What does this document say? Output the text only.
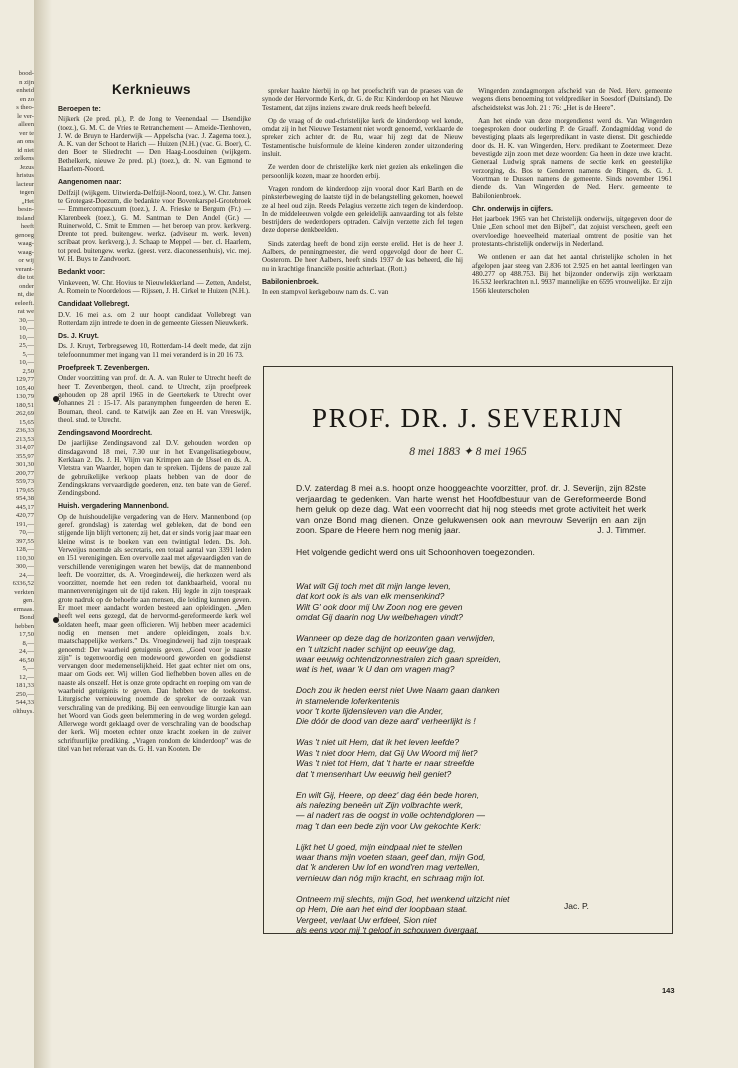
bood-
n zijn
enheid
en zo
s theo-
le ver-
alleen
ver te
an ons
id niet
zelkens
Jezus
hristus
lacteur
tegen
„Het
besin-
itsland
heeft
genoeg
waag-
waag-
or wij
verant-
die tot
onder
nt, die
eeleeft.
rat we
30,—
10,—
10,—
25,—
5,—
10,—
2,50
129,77
105,40
130,79
180,51
262,69
15,65
236,33
213,53
314,07
355,97
301,30
200,77
559,73
179,65
954,38
445,17
420,77
191,—
70,—
397,55
128,—
110,30
300,—
24,—
6336,52
verkten
gen.
ermaas.
Bond
hebben
17,50
8,—
24,—
46,50
5,—
12,—
181,33
250,—
544,33
olthuys.
Kerknieuws
Beroepen te:

Nijkerk (2e pred. pl.), P. de Jong te Veenendaal — IJsendijke (toez.), G. M. C. de Vries te Retranchement — Ameide-Tienhoven, J. W. de Bruyn te Harderwijk — Appelscha (vac. J. Zagema toez.), A. K. van der Schoot te Harich — Huizen (N.H.) (vac. G. Boer), C. den Boer te Sliedrecht — Den Haag-Loosduinen (wijkgem. Bethelkerk, nieuwe 2e pred. pl.) (toez.), dr. N. van Egmond te Haarlem-Noord.

Aangenomen naar:

Delfzijl (wijkgem. Uitwierda-Delfzijl-Noord, toez.), W. Chr. Jansen te Grotegast-Doezum, die bedankte voor Bovenkarspel-Grotebroek — Emmercompascuum (toez.), J. A. Frieske te Bergum (Fr.) — Klarenbeek (toez.), G. M. Santman te Den Andel (Gr.) — Ruinerwold, C. Smit te Emmen — het beroep van prov. kerkverg. Drente tot pred. buitengew. werkz. (adviseur m. werk. leven) scribaat prov. kerkverg.), J. Schaap te Meppel — ber. cl. Haarlem, tot pred. buitengew. werkz. (geest. verz. diaconessenhuis), vic. mej. W. H. Buys te Zandvoort.

Bedankt voor:

Vinkeveen, W. Chr. Hovius te Nieuwlekkerland — Zetten, Andelst, A. Romein te Noordeloos — Rijssen, J. H. Cirkel te Huizen (N.H.).

Candidaat Vollebregt.

D.V. 16 mei a.s. om 2 uur hoopt candidaat Vollebregt van Rotterdam zijn intrede te doen in de gemeente Giessen Nieuwkerk.

Ds. J. Kruyt.

Ds. J. Kruyt, Terbregseweg 10, Rotterdam-14 deelt mede, dat zijn telefoonnummer met ingang van 11 mei veranderd is in 20 16 73.

Proefpreek T. Zevenbergen.

Onder voorzitting van prof. dr. A. A. van Ruler te Utrecht heeft de heer T. Zevenbergen, theol. cand. te Utrecht, zijn proefpreek gehouden op 28 april 1965 in de Geertekerk te Utrecht over Johannes 21 : 15-17. Als paranymphen fungeerden de heren E. Bouman, theol. cand. te Katwijk aan Zee en H. van Vreeswijk, theol. stud. te Utrecht.

Zendingsavond Moordrecht.

De jaarlijkse Zendingsavond zal D.V. gehouden worden op dinsdagavond 18 mei, 7.30 uur in het Evangelisatiegebouw, Kerklaan 2. Ds. J. H. Vlijm van Krimpen aan de IJssel en ds. A. Vletstra van Waarder, hopen dan te spreken. Tijdens de pauze zal de gebruikelijke verkoop plaats hebben van de door de Zendingskrans vervaardigde goederen, enz. ten bate van de Geref. Zendingsbond.

Huish. vergadering Mannenbond.

Op de huishoudelijke vergadering van de Herv. Mannenbond (op geref. grondslag) is zaterdag wel gebleken, dat de bond een stijgende lijn blijft vertonen; zij het, dat er sinds vorig jaar maar een kleine winst is te boeken van een twintigtal leden. Ds. Joh. Verweijus noemde als secretaris, een totaal aantal van 3391 leden en 151 verenigingen. Een overvolle zaal met afgevaardigden van de verschillende verenigingen waren het bewijs, dat de mannenbond leeft. De voorzitter, ds. A. Vroegindeweij, die herkozen werd als voorzitter, noemde het een reden tot dankbaarheid, vooral nu mannenverenigingen uit de tijd raken. Hij legde in zijn toespraak grote nadruk op de behoefte aan mensen, die leiding kunnen geven. Er moet meer aandacht worden besteed aan opleidingen. „Men heeft wel eens gezegd, dat de hervormd-gereformeerde kerk wel soldaten heeft, maar geen officieren. Wij hebben meer academici nodig en mensen met andere opleidingen, zoals b.v. maatschappelijke werkers.” Ds. Vroegindeweij had zijn toespraak genoemd: Der waarheid getuigenis geven. „Goed voor je naaste zijn” is tegenwoordig een modewoord geworden en godsdienst vervangen door medemenselijkheid. Het gaat echter niet om ons, maar om Gods eer. Wij willen God liefhebben boven alles en de naaste als onszelf. Het is onze grote opdracht en roeping om van de waarheid getuigenis te geven. Dan hebben we de toekomst. Liturgische vernieuwing noemde de spreker de oorzaak van verschraling van de prediking. Bij een eenvoudige liturgie kan aan het Woord van Gods geen belemmering in de weg worden gelegd. Allerwege wordt geklaagd over de verschraling van de boodschap der kerk. Wij moeten echter onze kracht zoeken in de zuiver schriftuurlijke prediking. „Vragen rondom de kinderdoop” was de titel van het referaat van ds. G. H. van Kooten. De

spreker haakte hierbij in op het proefschrift van de praeses van de synode der Hervormde Kerk, dr. G. de Ru: Kinderdoop en het Nieuwe Testament, dat zijns inziens zware druk reeds heeft beleefd.

Op de vraag of de oud-christelijke kerk de kinderdoop wel kende, omdat zij in het Nieuwe Testament niet wordt genoemd, verklaarde de spreker zich achter dr. de Ru, waar hij zegt dat de Nieuw Testamentische huisformule de kleine kinderen zonder uitzondering insluit.

Ze werden door de christelijke kerk niet gezien als enkelingen die persoonlijk kozen, maar ze hoorden erbij.

Vragen rondom de kinderdoop zijn vooral door Karl Barth en de pinksterbeweging de laatste tijd in de belangstelling gekomen, hoewel ze al heel oud zijn. Reeds Pelagius verzette zich tegen de kinderdoop. In de middeleeuwen volgde een geleidelijk aanvaarding tot als felste bestrijders de wederdopers optraden. Calvijn verzette zich fel tegen deze doperse denkbeelden.

Sinds zaterdag heeft de bond zijn eerste erelid. Het is de heer J. Aalbers, de penningmeester, die werd opgevolgd door de heer C. Oosterom. De heer Aalbers, heeft sinds 1937 de kas beheerd, die hij nu in krachtige financiële positie achterlaat. (Rott.)

Babilonienbroek.

In een stampvol kerkgebouw nam ds. C. van

Wingerden zondagmorgen afscheid van de Ned. Herv. gemeente wegens diens benoeming tot veldprediker in Soesdorf (Duitsland). De afscheidstekst was Joh. 21 : 76: „Het is de Heere”.

Aan het einde van deze morgendienst werd ds. Van Wingerden toegesproken door ouderling P. de Graaff. Zondagmiddag vond de bevestiging plaats als legerpredikant in vaste dienst. Dit geschiedde door ds. H. K. van Wingerden, Herv. predikant te Zoetermeer. Deze bevestigde zijn zoon met deze woorden: Ga heen in deze uwe kracht. Generaal Ludwig sprak namens de sectie kerk en geestelijke verzorging, ds. Bos te Genderen namens de Ringen, ds. G. J. Voortman te Dussen namens de gemeente. Sinds november 1961 diende ds. Van Wingerden de Ned. Herv. gemeente te Babilonienbroek.

Chr. onderwijs in cijfers.

Het jaarboek 1965 van het Christelijk onderwijs, uitgegeven door de Unie „Een school met den Bijbel”, dat zojuist verscheen, geeft een overvloedige hoeveelheid materiaal omtrent de positie van het protestants-christelijk onderwijs in Nederland.

We ontlenen er aan dat het aantal christelijke scholen in het afgelopen jaar steeg van 2.836 tot 2.925 en het aantal leerlingen van 480.277 op 488.753. Bij het bijzonder onderwijs zijn werkzaam 16.532 leerkrachten n.l. 9937 mannelijke en 6595 vrouwelijke. Er zijn 1566 kleuterscholen

PROF. DR. J. SEVERIJN
8 mei 1883 ✦ 8 mei 1965
D.V. zaterdag 8 mei a.s. hoopt onze hooggeachte voorzitter, prof. dr. J. Severijn, zijn 82ste verjaardag te gedenken. Van harte wenst het Hoofdbestuur van de Gereformeerde Bond hem geluk op deze dag. Wat een voorrecht dat hij nog steeds met grote activiteit het werk van onze Bond mag dienen. Onze gelukwensen ook aan mevrouw Severijn en aan zijn zoon. Spare de Heere hem nog menig jaar.	J. J. Timmer.
Het volgende gedicht werd ons uit Schoonhoven toegezonden.
Wat wilt Gij toch met dit mijn lange leven,
dat kort ook is als van elk mensenkind?
Wilt G' ook door mij Uw Zoon nog ere geven
omdat Gij daarin nog Uw welbehagen vindt?
Wanneer op deze dag de horizonten gaan verwijden,
en 't uitzicht nader schijnt op eeuw'ge dag,
waar eeuwig ochtendzonnestralen zich gaan spreiden,
wat is het, waar 'k U dan om vragen mag?
Doch zou ik heden eerst niet Uwe Naam gaan danken
in stamelende loferkentenis
voor 't korte lijdensleven van die Ander,
Die dóór de dood van deze aard' verheerlijkt is !
Was 't niet uit Hem, dat ik het leven leefde?
Was 't niet door Hem, dat Gij Uw Woord mij liet?
Was 't niet tot Hem, dat 't harte er naar streefde
dat 't mensenhart Uw eeuwig heil geniet?
En wilt Gij, Heere, op deez' dag één bede horen,
als nalezing beneën uit Zijn volbrachte werk,
— al nadert ras de oogst in volle ochtendgloren —
mag 't dan een bede zijn voor Uw gekochte Kerk:
Lijkt het U goed, mijn eindpaal niet te stellen
waar thans mijn voeten staan, geef dan, mijn God,
dat 'k anderen Uw lof en wond'ren mag vertellen,
vernieuw dan nóg mijn kracht, en schraag mijn lot.
Ontneem mij slechts, mijn God, het wenkend uitzicht niet
op Hem, Die aan het eind der loopbaan staat.
Vergeet, verlaat Uw erfdeel, Sion niet
als eens voor mij 't geloof in schouwen óvergaat.
Jac. P.
143
